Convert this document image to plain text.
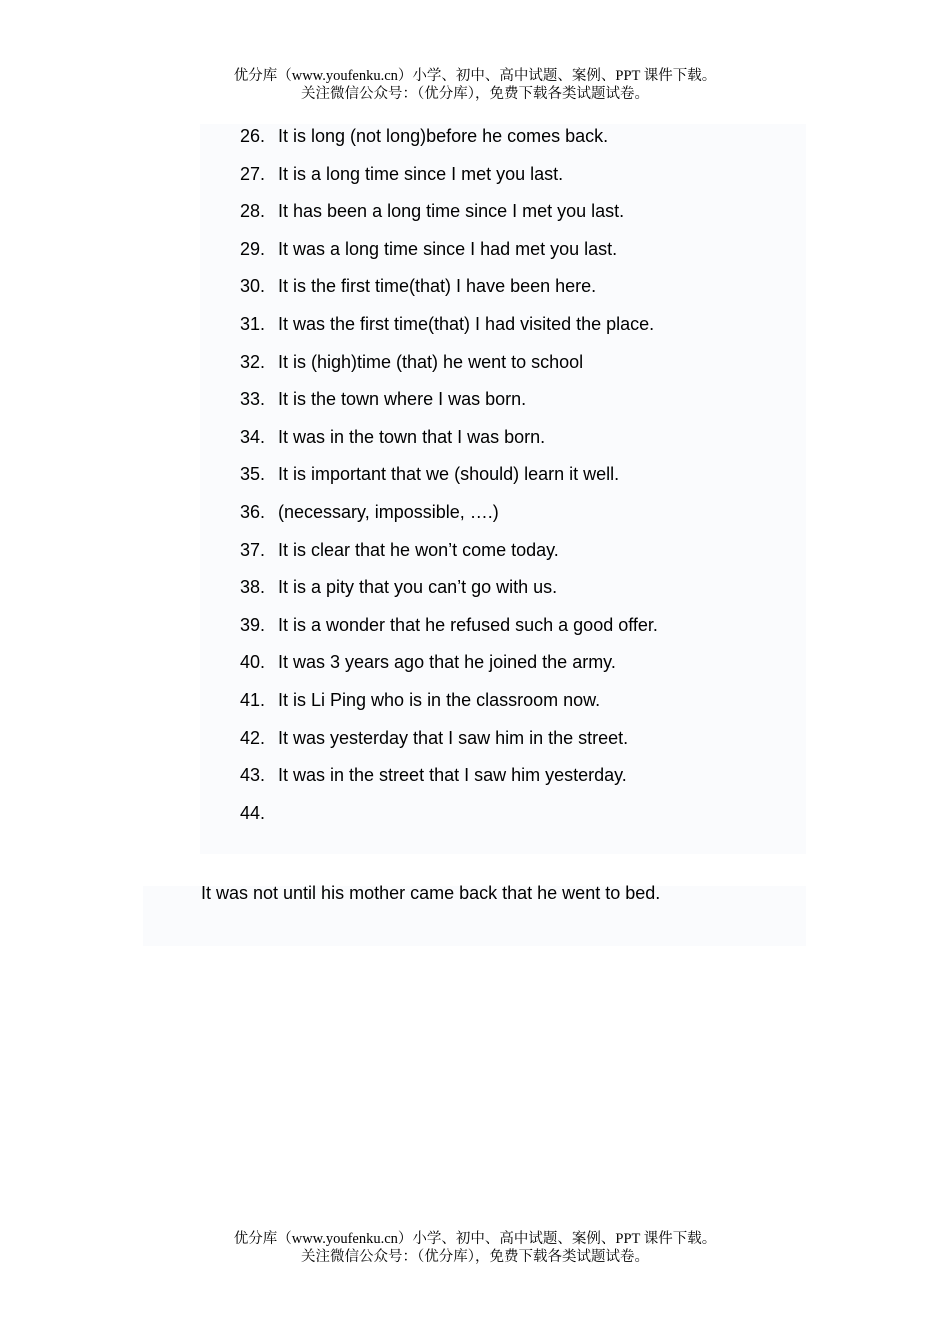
优分库（www.youfenku.cn）小学、初中、高中试题、案例、PPT 课件下载。
关注微信公众号：（优分库），免费下载各类试题试卷。
26. It is long (not long)before he comes back.
27. It is a long time since I met you last.
28. It has been a long time since I met you last.
29. It was a long time since I had met you last.
30. It is the first time(that) I have been here.
31. It was the first time(that) I had visited the place.
32. It is (high)time (that) he went to school
33. It is the town where I was born.
34. It was in the town that I was born.
35. It is important that we (should) learn it well.
36. (necessary, impossible, ….)
37. It is clear that he won’t come today.
38. It is a pity that you can’t go with us.
39. It is a wonder that he refused such a good offer.
40. It was 3 years ago that he joined the army.
41. It is Li Ping who is in the classroom now.
42. It was yesterday that I saw him in the street.
43. It was in the street that I saw him yesterday.
44.

It was not until his mother came back that he went to bed.

优分库（www.youfenku.cn）小学、初中、高中试题、案例、PPT 课件下载。
关注微信公众号：（优分库），免费下载各类试题试卷。
